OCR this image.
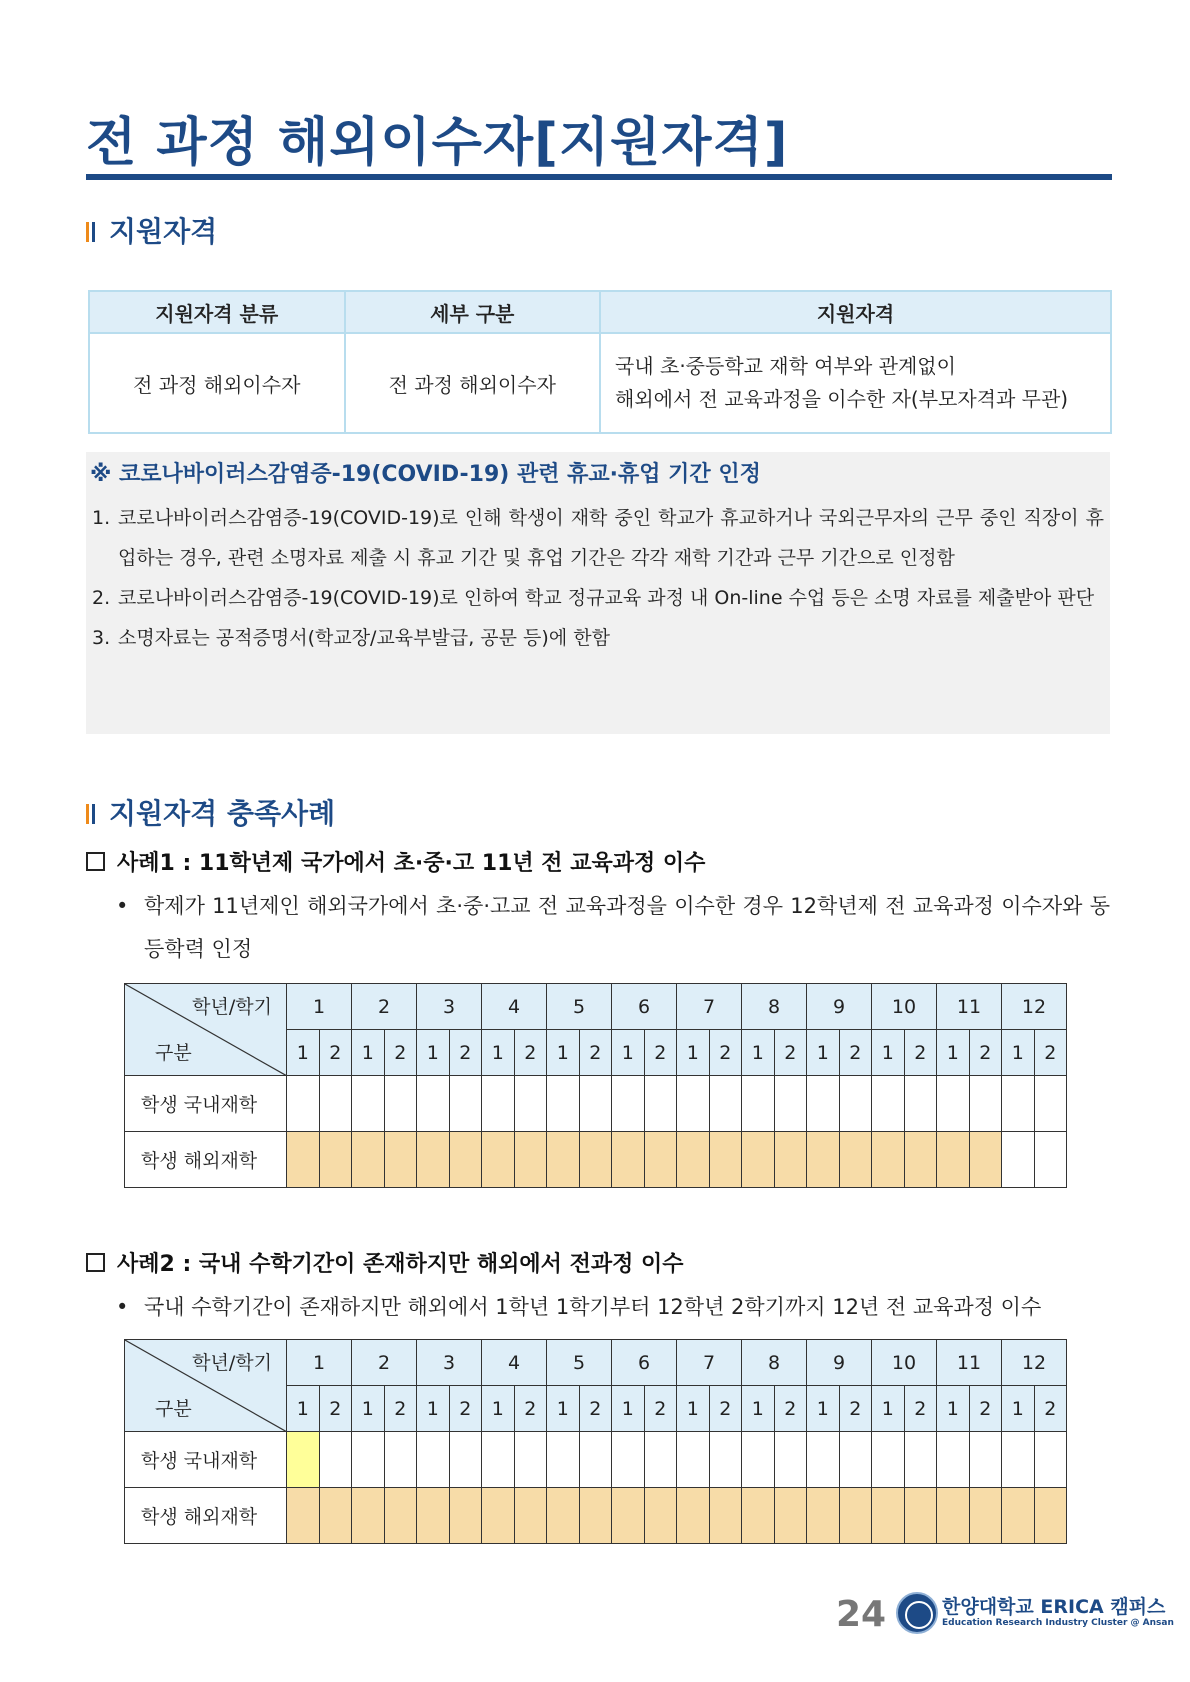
전 과정 해외이수자[지원자격]
지원자격
지원자격 분류	세부 구분	지원자격
전 과정 해외이수자	전 과정 해외이수자	국내 초·중등학교 재학 여부와 관계없이
해외에서 전 교육과정을 이수한 자(부모자격과 무관)
※ 코로나바이러스감염증-19(COVID-19) 관련 휴교·휴업 기간 인정
1. 코로나바이러스감염증-19(COVID-19)로 인해 학생이 재학 중인 학교가 휴교하거나 국외근무자의 근무 중인 직장이 휴업하는 경우, 관련 소명자료 제출 시 휴교 기간 및 휴업 기간은 각각 재학 기간과 근무 기간으로 인정함
2. 코로나바이러스감염증-19(COVID-19)로 인하여 학교 정규교육 과정 내 On-line 수업 등은 소명 자료를 제출받아 판단
3. 소명자료는 공적증명서(학교장/교육부발급, 공문 등)에 한함
지원자격 충족사례
사례1 : 11학년제 국가에서 초·중·고 11년 전 교육과정 이수
• 학제가 11년제인 해외국가에서 초·중·고교 전 교육과정을 이수한 경우 12학년제 전 교육과정 이수자와 동등학력 인정
학년/학기
구분	1		2		3		4		5		6		7		8		9		10		11		12	
	1	2	1	2	1	2	1	2	1	2	1	2	1	2	1	2	1	2	1	2	1	2	1	2
학생 국내재학																								
학생 해외재학																								
사례2 : 국내 수학기간이 존재하지만 해외에서 전과정 이수
• 국내 수학기간이 존재하지만 해외에서 1학년 1학기부터 12학년 2학기까지 12년 전 교육과정 이수
학년/학기
구분	1		2		3		4		5		6		7		8		9		10		11		12	
	1	2	1	2	1	2	1	2	1	2	1	2	1	2	1	2	1	2	1	2	1	2	1	2
학생 국내재학																								
학생 해외재학																								
24	한양대학교 ERICA 캠퍼스
Education Research Industry Cluster @ Ansan
